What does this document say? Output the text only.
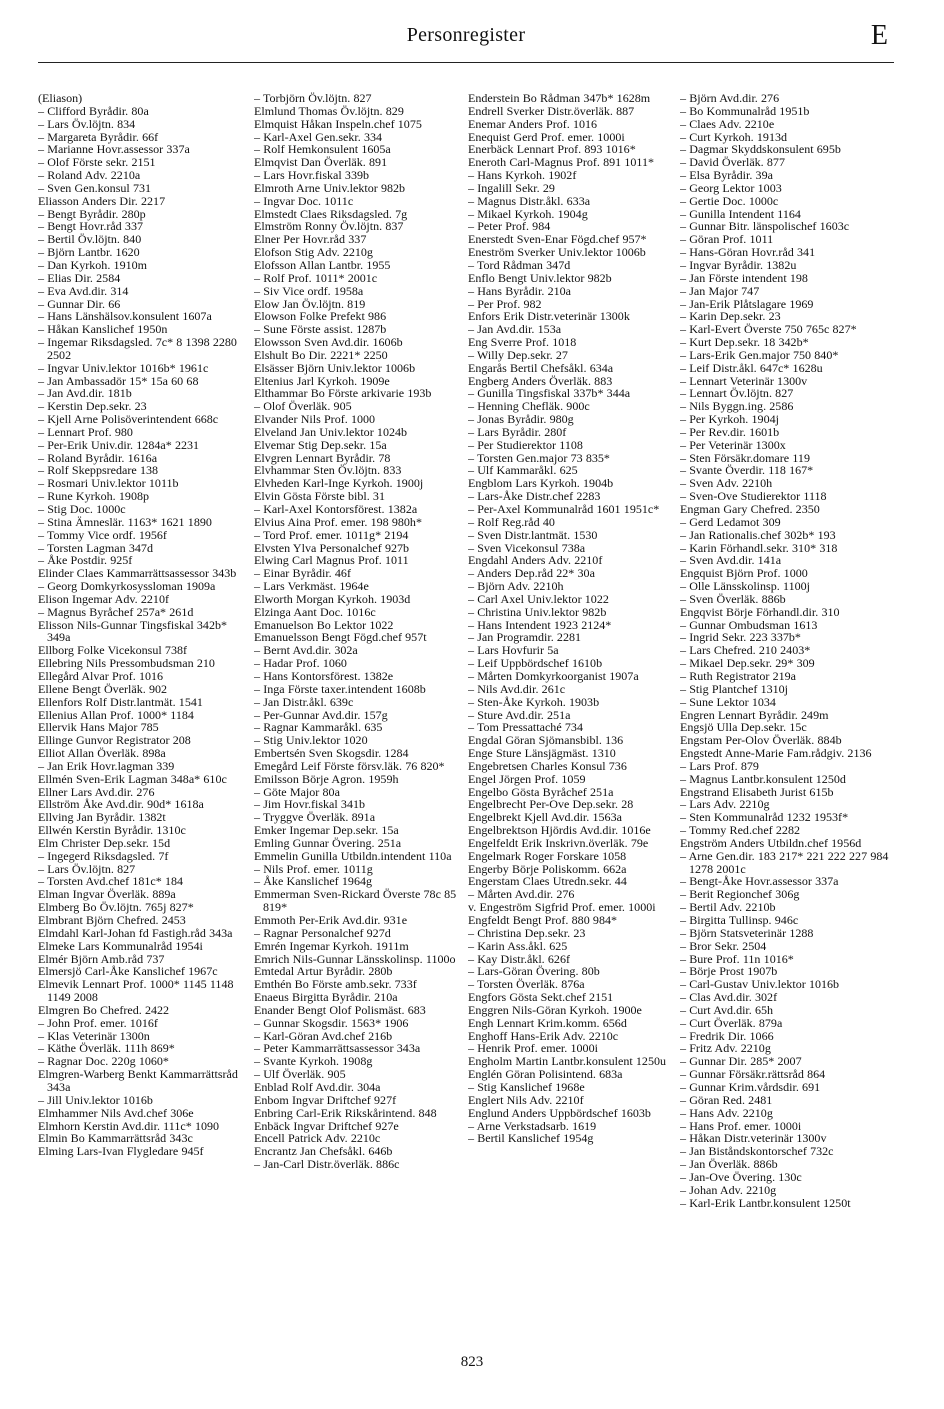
Personregister	E
(Eliason)
– Clifford Byrådir. 80a
– Lars Öv.löjtn. 834
– Margareta Byrådir. 66f
– Marianne Hovr.assessor 337a
– Olof Förste sekr. 2151
– Roland Adv. 2210a
– Sven Gen.konsul 731
Eliasson Anders Dir. 2217
– Bengt Byrådir. 280p
– Bengt Hovr.råd 337
– Bertil Öv.löjtn. 840
– Björn Lantbr. 1620
– Dan Kyrkoh. 1910m
– Elias Dir. 2584
– Eva Avd.dir. 314
– Gunnar Dir. 66
– Hans Länshälsov.konsulent 1607a
– Håkan Kanslichef 1950n
– Ingemar Riksdagsled. 7c* 8 1398 2280 2502
– Ingvar Univ.lektor 1016b* 1961c
– Jan Ambassadör 15* 15a 60 68
– Jan Avd.dir. 181b
– Kerstin Dep.sekr. 23
– Kjell Arne Polisöverintendent 668c
– Lennart Prof. 980
– Per-Erik Univ.dir. 1284a* 2231
– Roland Byrådir. 1616a
– Rolf Skeppsredare 138
– Rosmari Univ.lektor 1011b
– Rune Kyrkoh. 1908p
– Stig Doc. 1000c
– Stina Ämneslär. 1163* 1621 1890
– Tommy Vice ordf. 1956f
– Torsten Lagman 347d
– Åke Postdir. 925f
Elinder Claes Kammarrättsassessor 343b
– Georg Domkyrkosyssloman 1909a
Elison Ingemar Adv. 2210f
– Magnus Byråchef 257a* 261d
Elisson Nils-Gunnar Tingsfiskal 342b* 349a
Ellborg Folke Vicekonsul 738f
Ellebring Nils Pressombudsman 210
Ellegård Alvar Prof. 1016
Ellene Bengt Överläk. 902
Ellenfors Rolf Distr.lantmät. 1541
Ellenius Allan Prof. 1000* 1184
Ellervik Hans Major 785
Ellinge Gunvor Registrator 208
Elliot Allan Överläk. 898a
– Jan Erik Hovr.lagman 339
Ellmén Sven-Erik Lagman 348a* 610c
Ellner Lars Avd.dir. 276
Ellström Åke Avd.dir. 90d* 1618a
Ellving Jan Byrådir. 1382t
Ellwén Kerstin Byrådir. 1310c
Elm Christer Dep.sekr. 15d
– Ingegerd Riksdagsled. 7f
– Lars Öv.löjtn. 827
– Torsten Avd.chef 181c* 184
Elman Ingvar Överläk. 889a
Elmberg Bo Öv.löjtn. 765j 827*
Elmbrant Björn Chefred. 2453
Elmdahl Karl-Johan fd Fastigh.råd 343a
Elmeke Lars Kommunalråd 1954i
Elmér Björn Amb.råd 737
Elmersjö Carl-Åke Kanslichef 1967c
Elmevik Lennart Prof. 1000* 1145 1148 1149 2008
Elmgren Bo Chefred. 2422
– John Prof. emer. 1016f
– Klas Veterinär 1300n
– Käthe Överläk. 111h 869*
– Ragnar Doc. 220g 1060*
Elmgren-Warberg Benkt Kammarrättsråd 343a
– Jill Univ.lektor 1016b
Elmhammer Nils Avd.chef 306e
Elmhorn Kerstin Avd.dir. 111c* 1090
Elmin Bo Kammarrättsråd 343c
Elming Lars-Ivan Flygledare 945f
– Torbjörn Öv.löjtn. 827
Elmlund Thomas Öv.löjtn. 829
Elmquist Håkan Inspeln.chef 1075
– Karl-Axel Gen.sekr. 334
– Rolf Hemkonsulent 1605a
Elmqvist Dan Överläk. 891
– Lars Hovr.fiskal 339b
Elmroth Arne Univ.lektor 982b
– Ingvar Doc. 1011c
Elmstedt Claes Riksdagsled. 7g
Elmström Ronny Öv.löjtn. 837
Elner Per Hovr.råd 337
Elofson Stig Adv. 2210g
Elofsson Allan Lantbr. 1955
– Rolf Prof. 1011* 2001c
– Siv Vice ordf. 1958a
Elow Jan Öv.löjtn. 819
Elowson Folke Prefekt 986
– Sune Förste assist. 1287b
Elowsson Sven Avd.dir. 1606b
Elshult Bo Dir. 2221* 2250
Elsässer Björn Univ.lektor 1006b
Eltenius Jarl Kyrkoh. 1909e
Elthammar Bo Förste arkivarie 193b
– Olof Överläk. 905
Elvander Nils Prof. 1000
Elveland Jan Univ.lektor 1024b
Elvemar Stig Dep.sekr. 15a
Elvgren Lennart Byrådir. 78
Elvhammar Sten Öv.löjtn. 833
Elvheden Karl-Inge Kyrkoh. 1900j
Elvin Gösta Förste bibl. 31
– Karl-Axel Kontorsförest. 1382a
Elvius Aina Prof. emer. 198 980h*
– Tord Prof. emer. 1011g* 2194
Elvsten Ylva Personalchef 927b
Elwing Carl Magnus Prof. 1011
– Einar Byrådir. 46f
– Lars Verkmäst. 1964e
Elworth Morgan Kyrkoh. 1903d
Elzinga Aant Doc. 1016c
Emanuelson Bo Lektor 1022
Emanuelsson Bengt Fögd.chef 957t
– Bernt Avd.dir. 302a
– Hadar Prof. 1060
– Hans Kontorsförest. 1382e
– Inga Förste taxer.intendent 1608b
– Jan Distr.åkl. 639c
– Per-Gunnar Avd.dir. 157g
– Ragnar Kammaråkl. 635
– Stig Univ.lektor 1020
Embertsén Sven Skogsdir. 1284
Emegård Leif Förste försv.läk. 76 820*
Emilsson Börje Agron. 1959h
– Göte Major 80a
– Jim Hovr.fiskal 341b
– Tryggve Överläk. 891a
Emker Ingemar Dep.sekr. 15a
Emling Gunnar Övering. 251a
Emmelin Gunilla Utbildn.intendent 110a
– Nils Prof. emer. 1011g
– Åke Kanslichef 1964g
Emmerman Sven-Rickard Överste 78c 85 819*
Emmoth Per-Erik Avd.dir. 931e
– Ragnar Personalchef 927d
Emrén Ingemar Kyrkoh. 1911m
Emrich Nils-Gunnar Länsskolinsp. 1100o
Emtedal Artur Byrådir. 280b
Emthén Bo Förste amb.sekr. 733f
Enaeus Birgitta Byrådir. 210a
Enander Bengt Olof Polismäst. 683
– Gunnar Skogsdir. 1563* 1906
– Karl-Göran Avd.chef 216b
– Peter Kammarrättsassessor 343a
– Svante Kyrkoh. 1908g
– Ulf Överläk. 905
Enblad Rolf Avd.dir. 304a
Enbom Ingvar Driftchef 927f
Enbring Carl-Erik Rikskårintend. 848
Enbäck Ingvar Driftchef 927e
Encell Patrick Adv. 2210c
Encrantz Jan Chefsåkl. 646b
– Jan-Carl Distr.överläk. 886c
Enderstein Bo Rådman 347b* 1628m
Endrell Sverker Distr.överläk. 887
Enemar Anders Prof. 1016
Enequist Gerd Prof. emer. 1000i
Enerbäck Lennart Prof. 893 1016*
Eneroth Carl-Magnus Prof. 891 1011*
– Hans Kyrkoh. 1902f
– Ingalill Sekr. 29
– Magnus Distr.åkl. 633a
– Mikael Kyrkoh. 1904g
– Peter Prof. 984
Enerstedt Sven-Enar Fögd.chef 957*
Eneström Sverker Univ.lektor 1006b
– Tord Rådman 347d
Enflo Bengt Univ.lektor 982b
– Hans Byrådir. 210a
– Per Prof. 982
Enfors Erik Distr.veterinär 1300k
– Jan Avd.dir. 153a
Eng Sverre Prof. 1018
– Willy Dep.sekr. 27
Engarås Bertil Chefsåkl. 634a
Engberg Anders Överläk. 883
– Gunilla Tingsfiskal 337b* 344a
– Henning Chefläk. 900c
– Jonas Byrådir. 980g
– Lars Byrådir. 280f
– Per Studierektor 1108
– Torsten Gen.major 73 835*
– Ulf Kammaråkl. 625
Engblom Lars Kyrkoh. 1904b
– Lars-Åke Distr.chef 2283
– Per-Axel Kommunalråd 1601 1951c*
– Rolf Reg.råd 40
– Sven Distr.lantmät. 1530
– Sven Vicekonsul 738a
Engdahl Anders Adv. 2210f
– Anders Dep.råd 22* 30a
– Björn Adv. 2210h
– Carl Axel Univ.lektor 1022
– Christina Univ.lektor 982b
– Hans Intendent 1923 2124*
– Jan Programdir. 2281
– Lars Hovfurir 5a
– Leif Uppbördschef 1610b
– Mårten Domkyrkoorganist 1907a
– Nils Avd.dir. 261c
– Sten-Åke Kyrkoh. 1903b
– Sture Avd.dir. 251a
– Tom Pressattaché 734
Engdal Göran Sjömansbibl. 136
Enge Sture Länsjägmäst. 1310
Engebretsen Charles Konsul 736
Engel Jörgen Prof. 1059
Engelbo Gösta Byråchef 251a
Engelbrecht Per-Ove Dep.sekr. 28
Engelbrekt Kjell Avd.dir. 1563a
Engelbrektson Hjördis Avd.dir. 1016e
Engelfeldt Erik Inskrivn.överläk. 79e
Engelmark Roger Forskare 1058
Engerby Börje Poliskomm. 662a
Engerstam Claes Utredn.sekr. 44
– Mårten Avd.dir. 276
v. Engeström Sigfrid Prof. emer. 1000i
Engfeldt Bengt Prof. 880 984*
– Christina Dep.sekr. 23
– Karin Ass.åkl. 625
– Kay Distr.åkl. 626f
– Lars-Göran Övering. 80b
– Torsten Överläk. 876a
Engfors Gösta Sekt.chef 2151
Enggren Nils-Göran Kyrkoh. 1900e
Engh Lennart Krim.komm. 656d
Enghoff Hans-Erik Adv. 2210c
– Henrik Prof. emer. 1000i
Engholm Martin Lantbr.konsulent 1250u
Englén Göran Polisintend. 683a
– Stig Kanslichef 1968e
Englert Nils Adv. 2210f
Englund Anders Uppbördschef 1603b
– Arne Verkstadsarb. 1619
– Bertil Kanslichef 1954g
– Björn Avd.dir. 276
– Bo Kommunalråd 1951b
– Claes Adv. 2210e
– Curt Kyrkoh. 1913d
– Dagmar Skyddskonsulent 695b
– David Överläk. 877
– Elsa Byrådir. 39a
– Georg Lektor 1003
– Gertie Doc. 1000c
– Gunilla Intendent 1164
– Gunnar Bitr. länspolischef 1603c
– Göran Prof. 1011
– Hans-Göran Hovr.råd 341
– Ingvar Byrådir. 1382u
– Jan Förste intendent 198
– Jan Major 747
– Jan-Erik Plåtslagare 1969
– Karin Dep.sekr. 23
– Karl-Evert Överste 750 765c 827*
– Kurt Dep.sekr. 18 342b*
– Lars-Erik Gen.major 750 840*
– Leif Distr.åkl. 647c* 1628u
– Lennart Veterinär 1300v
– Lennart Öv.löjtn. 827
– Nils Byggn.ing. 2586
– Per Kyrkoh. 1904j
– Per Rev.dir. 1601b
– Per Veterinär 1300x
– Sten Försäkr.domare 119
– Svante Överdir. 118 167*
– Sven Adv. 2210h
– Sven-Ove Studierektor 1118
Engman Gary Chefred. 2350
– Gerd Ledamot 309
– Jan Rationalis.chef 302b* 193
– Karin Förhandl.sekr. 310* 318
– Sven Avd.dir. 141a
Engquist Björn Prof. 1000
– Olle Länsskolinsp. 1100j
– Sven Överläk. 886b
Engqvist Börje Förhandl.dir. 310
– Gunnar Ombudsman 1613
– Ingrid Sekr. 223 337b*
– Lars Chefred. 210 2403*
– Mikael Dep.sekr. 29* 309
– Ruth Registrator 219a
– Stig Plantchef 1310j
– Sune Lektor 1034
Engren Lennart Byrådir. 249m
Engsjö Ulla Dep.sekr. 15c
Engstam Per-Olov Överläk. 884b
Engstedt Anne-Marie Fam.rådgiv. 2136
– Lars Prof. 879
– Magnus Lantbr.konsulent 1250d
Engstrand Elisabeth Jurist 615b
– Lars Adv. 2210g
– Sten Kommunalråd 1232 1953f*
– Tommy Red.chef 2282
Engström Anders Utbildn.chef 1956d
– Arne Gen.dir. 183 217* 221 222 227 984 1278 2001c
– Bengt-Åke Hovr.assessor 337a
– Berit Regionchef 306g
– Bertil Adv. 2210b
– Birgitta Tullinsp. 946c
– Björn Statsveterinär 1288
– Bror Sekr. 2504
– Bure Prof. 11n 1016*
– Börje Prost 1907b
– Carl-Gustav Univ.lektor 1016b
– Clas Avd.dir. 302f
– Curt Avd.dir. 65h
– Curt Överläk. 879a
– Fredrik Dir. 1066
– Fritz Adv. 2210g
– Gunnar Dir. 285* 2007
– Gunnar Försäkr.rättsråd 864
– Gunnar Krim.vårdsdir. 691
– Göran Red. 2481
– Hans Adv. 2210g
– Hans Prof. emer. 1000i
– Håkan Distr.veterinär 1300v
– Jan Biståndskontorschef 732c
– Jan Överläk. 886b
– Jan-Ove Övering. 130c
– Johan Adv. 2210g
– Karl-Erik Lantbr.konsulent 1250t
823
